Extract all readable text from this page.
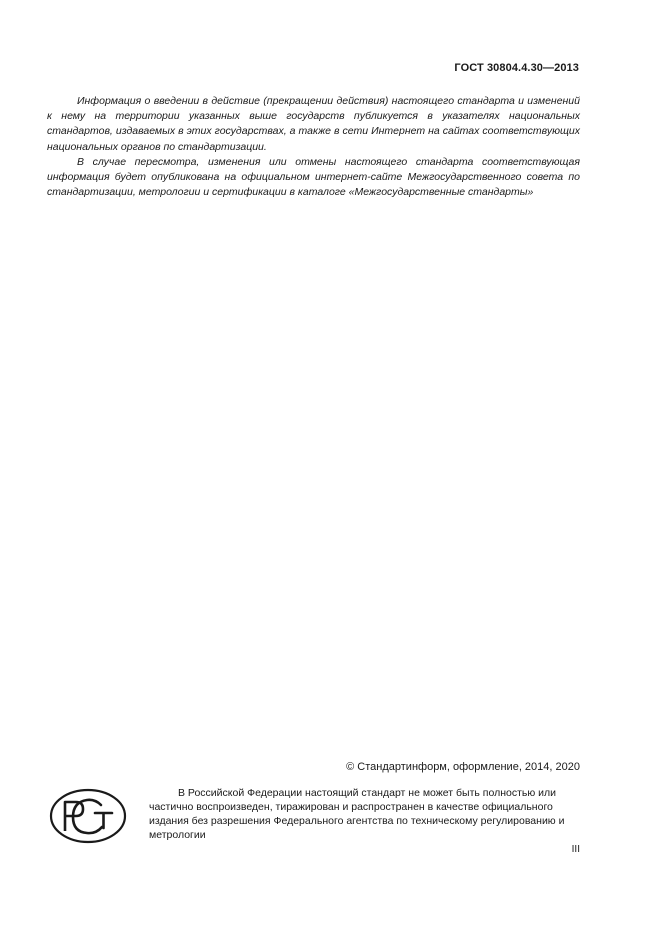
ГОСТ 30804.4.30—2013

Информация о введении в действие (прекращении действия) настоящего стандарта и изменений к нему на территории указанных выше государств публикуется в указателях национальных стандартов, издаваемых в этих государствах, а также в сети Интернет на сайтах соответствующих национальных органов по стандартизации.

В случае пересмотра, изменения или отмены настоящего стандарта соответствующая информация будет опубликована на официальном интернет-сайте Межгосударственного совета по стандартизации, метрологии и сертификации в каталоге «Межгосударственные стандарты»

© Стандартинформ, оформление, 2014, 2020

В Российской Федерации настоящий стандарт не может быть полностью или частично воспроизведен, тиражирован и распространен в качестве официального издания без разрешения Федерального агентства по техническому регулированию и метрологии

III
